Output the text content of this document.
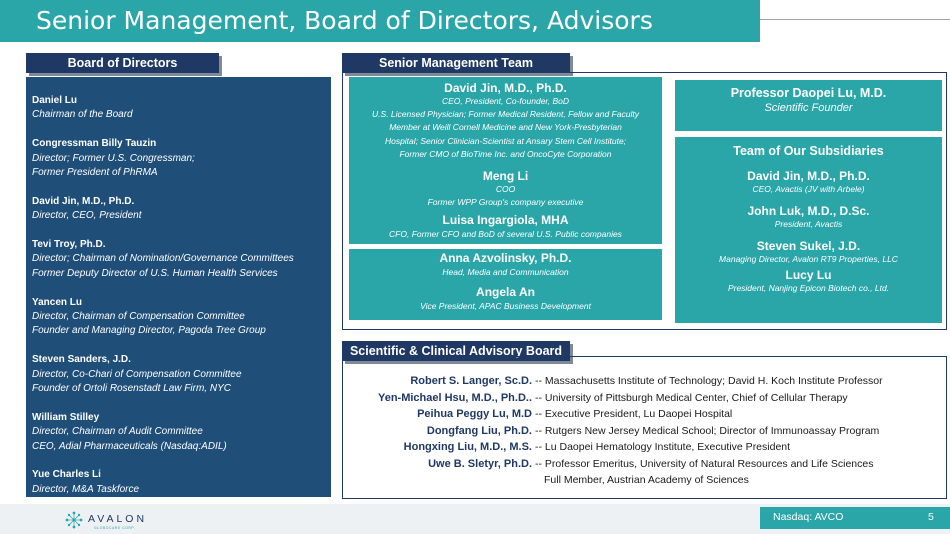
Senior Management, Board of Directors, Advisors
Board of Directors	Senior Management Team
Daniel Lu
Chairman of the Board
Congressman Billy Tauzin
Director; Former U.S. Congressman;
Former President of PhRMA
David Jin, M.D., Ph.D.
Director, CEO, President
Tevi Troy, Ph.D.
Director; Chairman of Nomination/Governance Committees
Former Deputy Director of U.S. Human Health Services
Yancen Lu
Director, Chairman of Compensation Committee
Founder and Managing Director, Pagoda Tree Group
Steven Sanders, J.D.
Director, Co-Chari of Compensation Committee
Founder of Ortoli Rosenstadt Law Firm, NYC
William Stilley
Director, Chairman of Audit Committee
CEO, Adial Pharmaceuticals (Nasdaq:ADIL)
Yue Charles Li
Director, M&A Taskforce
David Jin, M.D., Ph.D.
CEO, President, Co-founder, BoD
U.S. Licensed Physician; Former Medical Resident, Fellow and Faculty
Member at Weill Cornell Medicine and New York-Presbyterian
Hospital; Senior Clinician-Scientist at Ansary Stem Cell Institute;
Former CMO of BioTime Inc. and OncoCyte Corporation
Meng Li
COO
Former WPP Group's company executive
Luisa Ingargiola, MHA
CFO, Former CFO and BoD of several U.S. Public companies
Anna Azvolinsky, Ph.D.
Head, Media and Communication
Angela An
Vice President, APAC Business Development
Professor Daopei Lu, M.D.
Scientific Founder
Team of Our Subsidiaries
David Jin, M.D., Ph.D.
CEO, Avactis (JV with Arbele)
John Luk, M.D., D.Sc.
President, Avactis
Steven Sukel, J.D.
Managing Director, Avalon RT9 Properties, LLC
Lucy Lu
President, Nanjing Epicon Biotech co., Ltd.
Scientific & Clinical Advisory Board
Robert S. Langer, Sc.D.
Yen-Michael Hsu, M.D., Ph.D..
Peihua Peggy Lu, M.D
Dongfang Liu, Ph.D.
Hongxing Liu, M.D., M.S.
Uwe B. Sletyr, Ph.D.
-- Massachusetts Institute of Technology; David H. Koch Institute Professor
-- University of Pittsburgh Medical Center, Chief of Cellular Therapy
-- Executive President, Lu Daopei Hospital
-- Rutgers New Jersey Medical School; Director of Immunoassay Program
-- Lu Daopei Hematology Institute, Executive President
-- Professor Emeritus, University of Natural Resources and Life Sciences
Full Member, Austrian Academy of Sciences
AVALON
GLOBOCARE CORP.
Nasdaq: AVCO	5
